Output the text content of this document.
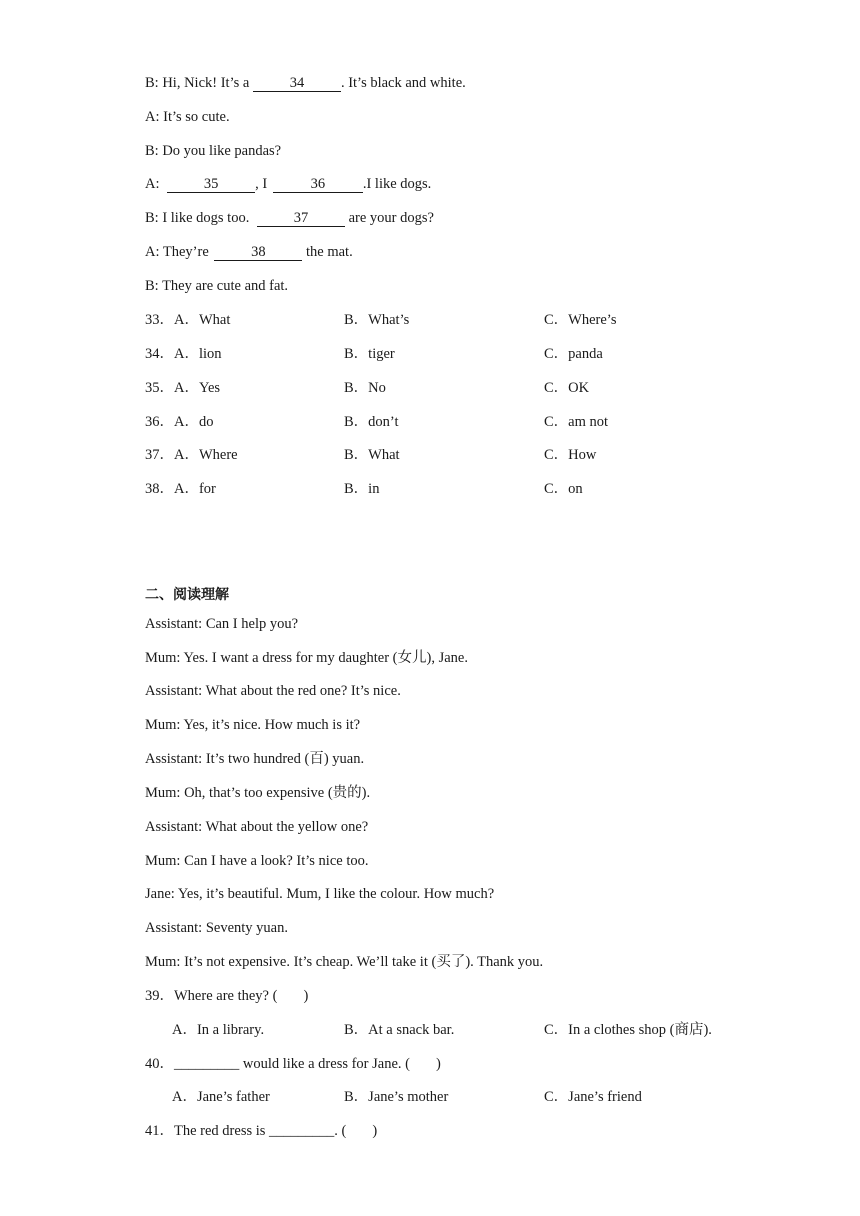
B: Hi, Nick! It’s a	34	. It’s black and white.
A: It’s so cute.
B: Do you like pandas?
A:	35	, I	36	.I like dogs.
B: I like dogs too.	37	are your dogs?
A: They’re	38	the mat.
B: They are cute and fat.
33．A．What	B．What’s	C．Where’s
34．A．lion	B．tiger	C．panda
35．A．Yes	B．No	C．OK
36．A．do	B．don’t	C．am not
37．A．Where	B．What	C．How
38．A．for	B．in	C．on
二、阅读理解
Assistant: Can I help you?
Mum: Yes. I want a dress for my daughter (女儿), Jane.
Assistant: What about the red one? It’s nice.
Mum: Yes, it’s nice. How much is it?
Assistant: It’s two hundred (百) yuan.
Mum: Oh, that’s too expensive (贵的).
Assistant: What about the yellow one?
Mum: Can I have a look? It’s nice too.
Jane: Yes, it’s beautiful. Mum, I like the colour. How much?
Assistant: Seventy yuan.
Mum: It’s not expensive. It’s cheap. We’ll take it (买了). Thank you.
39．Where are they? ( )
A．In a library.	B．At a snack bar.	C．In a clothes shop (商店).
40．_________ would like a dress for Jane. ( )
A．Jane’s father	B．Jane’s mother	C．Jane’s friend
41．The red dress is _________. ( )
